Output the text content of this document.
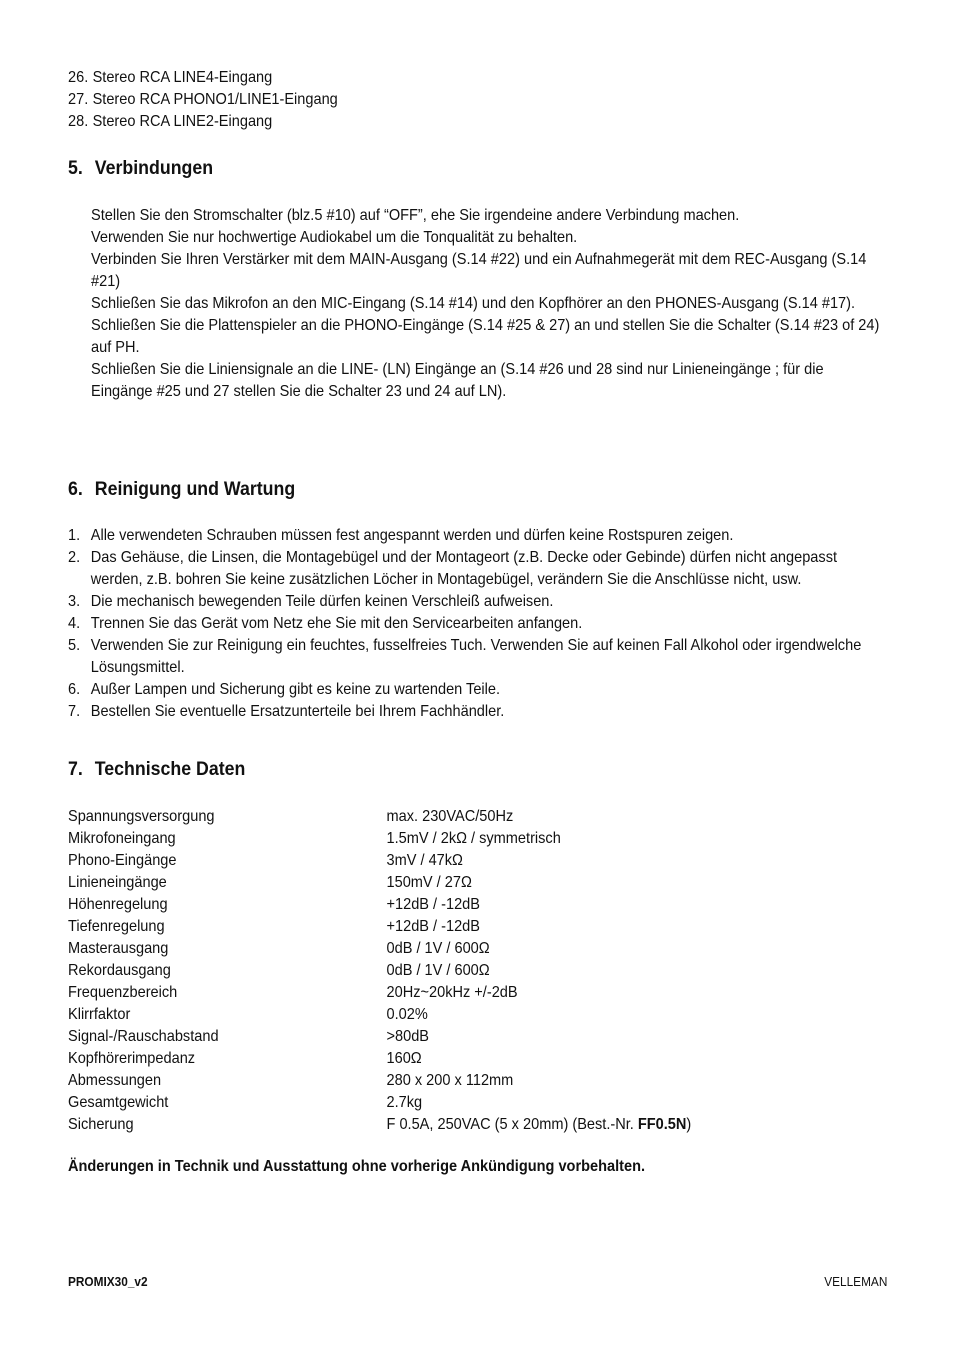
26. Stereo RCA LINE4-Eingang
27. Stereo RCA PHONO1/LINE1-Eingang
28. Stereo RCA LINE2-Eingang
5. Verbindungen

Stellen Sie den Stromschalter (blz.5 #10) auf “OFF”, ehe Sie irgendeine andere Verbindung machen.

Verwenden Sie nur hochwertige Audiokabel um die Tonqualität zu behalten.

Verbinden Sie Ihren Verstärker mit dem MAIN-Ausgang (S.14 #22) und ein Aufnahmegerät mit dem REC-Ausgang (S.14 #21)

Schließen Sie das Mikrofon an den MIC-Eingang (S.14 #14) und den Kopfhörer an den PHONES-Ausgang (S.14 #17).

Schließen Sie die Plattenspieler an die PHONO-Eingänge (S.14 #25 & 27) an und stellen Sie die Schalter (S.14 #23 of 24) auf PH.

Schließen Sie die Liniensignale an die LINE- (LN) Eingänge an (S.14 #26 und 28 sind nur Linieneingänge ; für die Eingänge #25 und 27 stellen Sie die Schalter 23 und 24 auf LN).

6. Reinigung und Wartung
1. Alle verwendeten Schrauben müssen fest angespannt werden und dürfen keine Rostspuren zeigen.
2. Das Gehäuse, die Linsen, die Montagebügel und der Montageort (z.B. Decke oder Gebinde) dürfen nicht angepasst werden, z.B. bohren Sie keine zusätzlichen Löcher in Montagebügel, verändern Sie die Anschlüsse nicht, usw.
3. Die mechanisch bewegenden Teile dürfen keinen Verschleiß aufweisen.
4. Trennen Sie das Gerät vom Netz ehe Sie mit den Servicearbeiten anfangen.
5. Verwenden Sie zur Reinigung ein feuchtes, fusselfreies Tuch. Verwenden Sie auf keinen Fall Alkohol oder irgendwelche Lösungsmittel.
6. Außer Lampen und Sicherung gibt es keine zu wartenden Teile.
7. Bestellen Sie eventuelle Ersatzunterteile bei Ihrem Fachhändler.
7. Technische Daten
Spannungsversorgung	max. 230VAC/50Hz
Mikrofoneingang	1.5mV / 2kΩ / symmetrisch
Phono-Eingänge	3mV / 47kΩ
Linieneingänge	150mV / 27Ω
Höhenregelung	+12dB / -12dB
Tiefenregelung	+12dB / -12dB
Masterausgang	0dB / 1V / 600Ω
Rekordausgang	0dB / 1V / 600Ω
Frequenzbereich	20Hz~20kHz +/-2dB
Klirrfaktor	0.02%
Signal-/Rauschabstand	>80dB
Kopfhörerimpedanz	160Ω
Abmessungen	280 x 200 x 112mm
Gesamtgewicht	2.7kg
Sicherung	F 0.5A, 250VAC (5 x 20mm) (Best.-Nr. FF0.5N)
Änderungen in Technik und Ausstattung ohne vorherige Ankündigung vorbehalten.
PROMIX30_v2	VELLEMAN
